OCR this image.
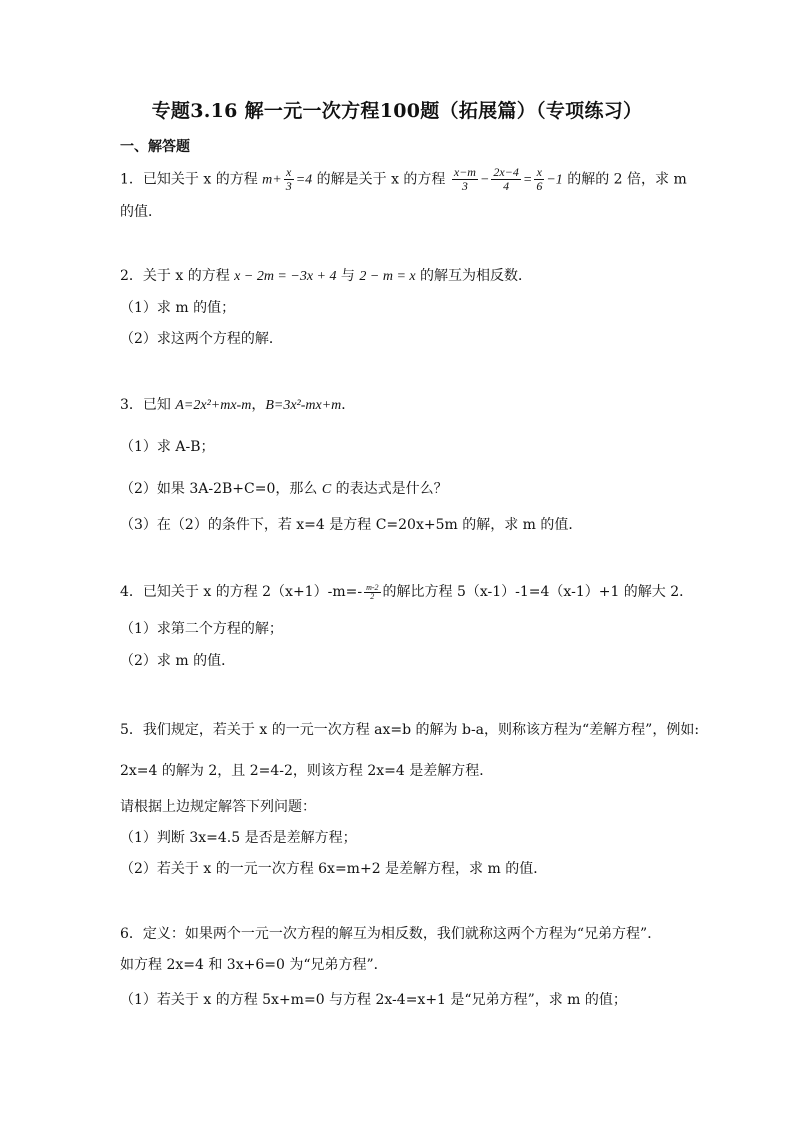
专题3.16 解一元一次方程100题（拓展篇）（专项练习）
一、解答题
1．已知关于 x 的方程 $m+ \frac{x}{3} =4$ 的解是关于 x 的方程 $\frac{x-m}{3} - \frac{2x-4}{4} = \frac{x}{6} -1$ 的解的 2 倍，求 m
的值．
2．关于 x 的方程 x − 2m = −3x + 4 与 2 − m = x 的解互为相反数．
（1）求 m 的值；
（2）求这两个方程的解．
3．已知 A=2x²+mx-m，B=3x²-mx+m．
（1）求 A-B；
（2）如果 3A-2B+C=0，那么 C 的表达式是什么？
（3）在（2）的条件下，若 x=4 是方程 C=20x+5m 的解，求 m 的值．
4．已知关于 x 的方程 $2(x+1)-m=- \frac{m-2}{2}$ 的解比方程 5（x-1）-1=4（x-1）+1 的解大 2．
（1）求第二个方程的解；
（2）求 m 的值．
5．我们规定，若关于 x 的一元一次方程 ax=b 的解为 b-a，则称该方程为“差解方程”，例如:
2x=4 的解为 2，且 2=4-2，则该方程 2x=4 是差解方程．
请根据上边规定解答下列问题：
（1）判断 3x=4.5 是否是差解方程；
（2）若关于 x 的一元一次方程 6x=m+2 是差解方程，求 m 的值．
6．定义：如果两个一元一次方程的解互为相反数，我们就称这两个方程为“兄弟方程”．
如方程 2x=4 和 3x+6=0 为“兄弟方程”．
（1）若关于 x 的方程 5x+m=0 与方程 2x-4=x+1 是“兄弟方程”，求 m 的值；
